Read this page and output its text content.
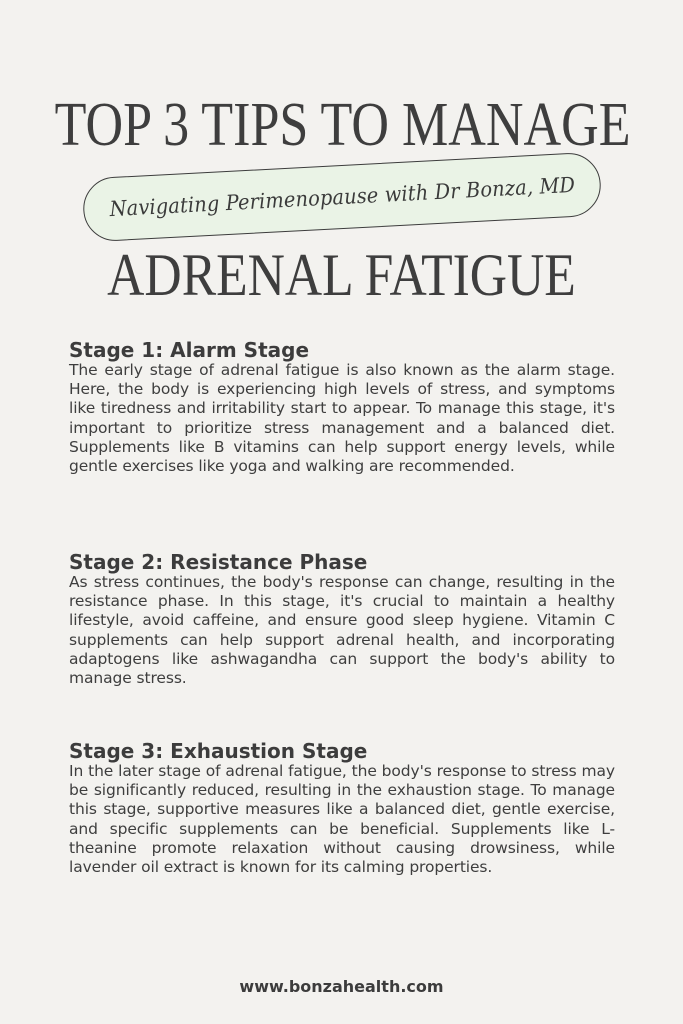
TOP 3 TIPS TO MANAGE
Navigating Perimenopause with Dr Bonza, MD
ADRENAL FATIGUE
Stage 1: Alarm Stage

The early stage of adrenal fatigue is also known as the alarm stage. Here, the body is experiencing high levels of stress, and symptoms like tiredness and irritability start to appear. To manage this stage, it's important to prioritize stress management and a balanced diet. Supplements like B vitamins can help support energy levels, while gentle exercises like yoga and walking are recommended.

Stage 2: Resistance Phase

As stress continues, the body's response can change, resulting in the resistance phase. In this stage, it's crucial to maintain a healthy lifestyle, avoid caffeine, and ensure good sleep hygiene. Vitamin C supplements can help support adrenal health, and incorporating adaptogens like ashwagandha can support the body's ability to manage stress.

Stage 3: Exhaustion Stage

In the later stage of adrenal fatigue, the body's response to stress may be significantly reduced, resulting in the exhaustion stage. To manage this stage, supportive measures like a balanced diet, gentle exercise, and specific supplements can be beneficial. Supplements like L-theanine promote relaxation without causing drowsiness, while lavender oil extract is known for its calming properties.

www.bonzahealth.com
